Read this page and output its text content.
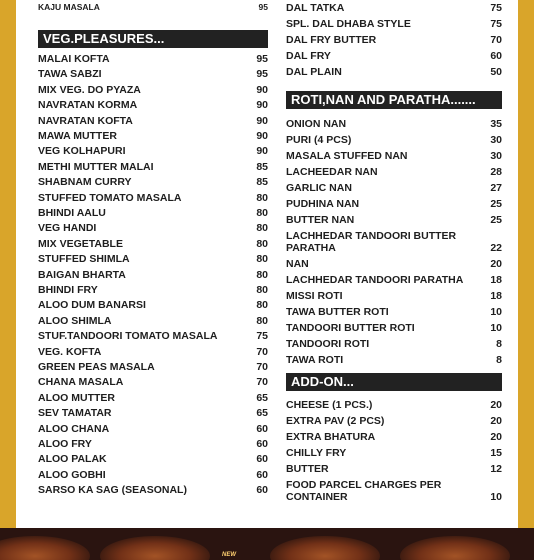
KAJU MASALA	95
VEG.PLEASURES...
MALAI KOFTA	95
TAWA SABZI	95
MIX VEG. DO PYAZA	90
NAVRATAN KORMA	90
NAVRATAN KOFTA	90
MAWA MUTTER	90
VEG KOLHAPURI	90
METHI MUTTER MALAI	85
SHABNAM CURRY	85
STUFFED TOMATO MASALA	80
BHINDI AALU	80
VEG HANDI	80
MIX VEGETABLE	80
STUFFED SHIMLA	80
BAIGAN BHARTA	80
BHINDI FRY	80
ALOO DUM BANARSI	80
ALOO SHIMLA	80
STUF.TANDOORI TOMATO MASALA	75
VEG. KOFTA	70
GREEN PEAS MASALA	70
CHANA MASALA	70
ALOO MUTTER	65
SEV TAMATAR	65
ALOO CHANA	60
ALOO FRY	60
ALOO PALAK	60
ALOO GOBHI	60
SARSO KA SAG (SEASONAL)	60
DAL TATKA	75
SPL. DAL DHABA STYLE	75
DAL FRY BUTTER	70
DAL FRY	60
DAL PLAIN	50
ROTI,NAN AND PARATHA.......
ONION NAN	35
PURI (4 PCS)	30
MASALA STUFFED NAN	30
LACHEEDAR NAN	28
GARLIC NAN	27
PUDHINA NAN	25
BUTTER NAN	25
LACHHEDAR TANDOORI BUTTER PARATHA	22
NAN	20
LACHHEDAR TANDOORI PARATHA	18
MISSI ROTI	18
TAWA BUTTER ROTI	10
TANDOORI BUTTER ROTI	10
TANDOORI ROTI	8
TAWA ROTI	8
ADD-ON...
CHEESE (1 PCS.)	20
EXTRA PAV (2 PCS)	20
EXTRA BHATURA	20
CHILLY FRY	15
BUTTER	12
FOOD PARCEL CHARGES PER CONTAINER	10
NEW
